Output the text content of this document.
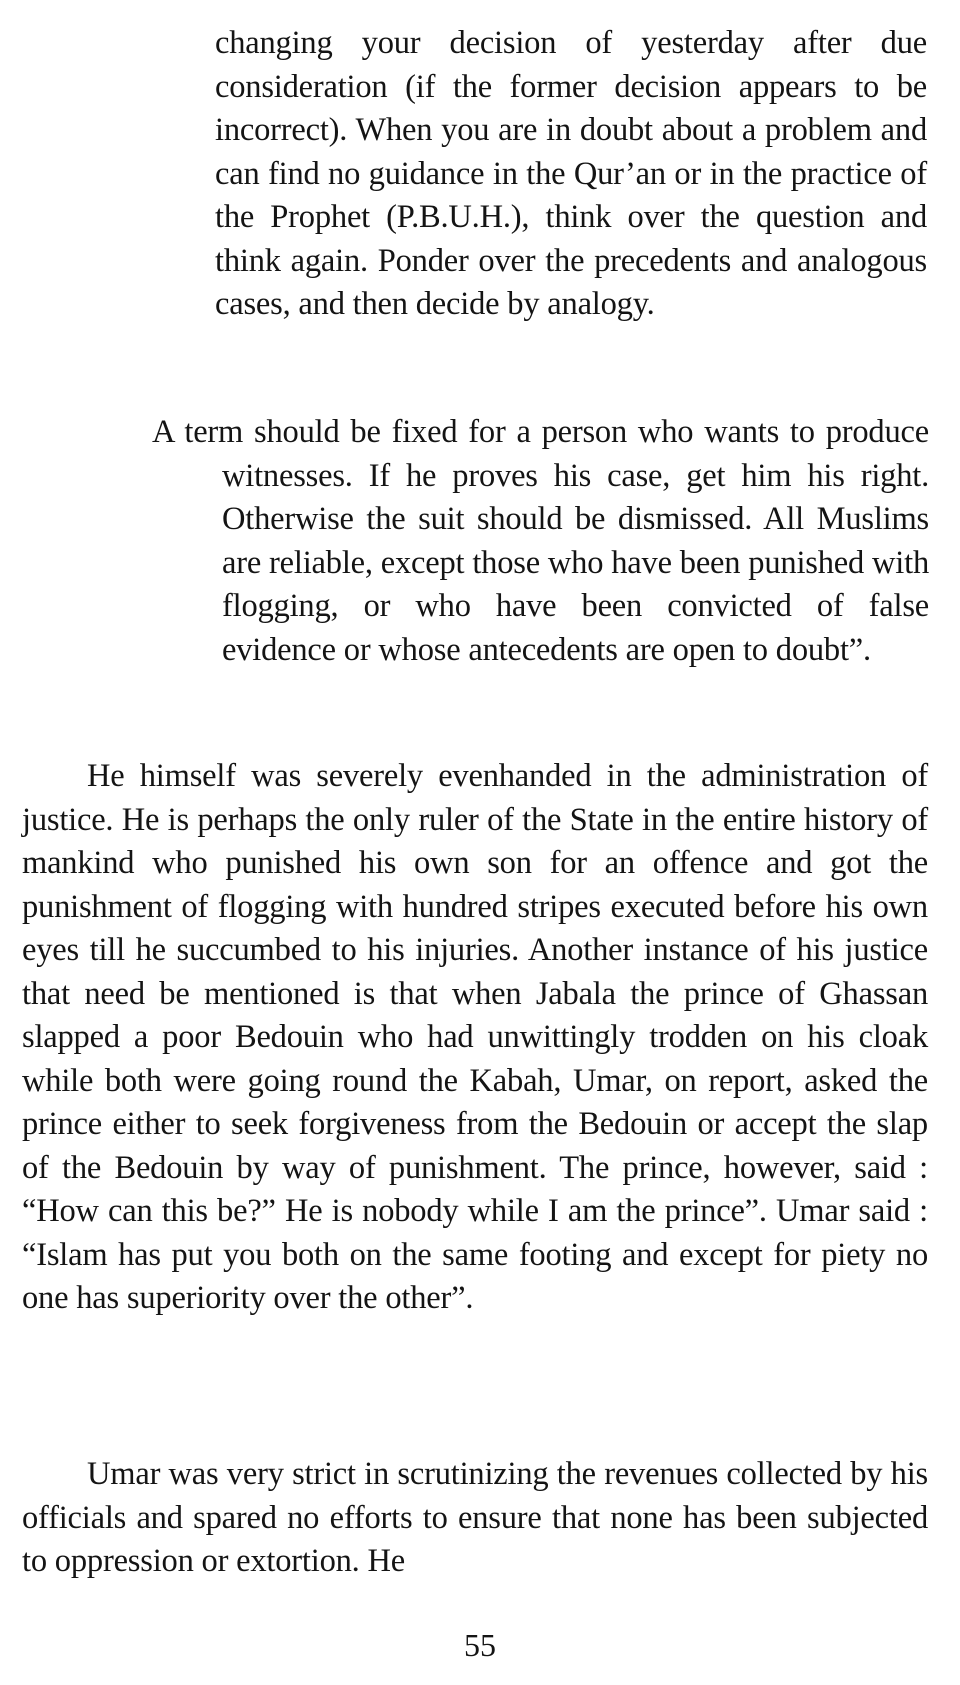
changing your decision of yesterday after due consideration (if the former decision appears to be incorrect). When you are in doubt about a problem and can find no guidance in the Qur’an or in the practice of the Prophet (P.B.U.H.), think over the question and think again. Ponder over the precedents and analogous cases, and then decide by analogy.

A term should be fixed for a person who wants to produce witnesses. If he proves his case, get him his right. Otherwise the suit should be dismissed. All Muslims are reliable, except those who have been punished with flogging, or who have been convicted of false evidence or whose antecedents are open to doubt”.

He himself was severely evenhanded in the administration of justice. He is perhaps the only ruler of the State in the entire history of mankind who punished his own son for an offence and got the punishment of flogging with hundred stripes executed before his own eyes till he succumbed to his injuries. Another instance of his justice that need be mentioned is that when Jabala the prince of Ghassan slapped a poor Bedouin who had unwittingly trodden on his cloak while both were going round the Kabah, Umar, on report, asked the prince either to seek forgiveness from the Bedouin or accept the slap of the Bedouin by way of punishment. The prince, however, said : “How can this be?” He is nobody while I am the prince”. Umar said : “Islam has put you both on the same footing and except for piety no one has superiority over the other”.

Umar was very strict in scrutinizing the revenues collected by his officials and spared no efforts to ensure that none has been subjected to oppression or extortion. He

55
